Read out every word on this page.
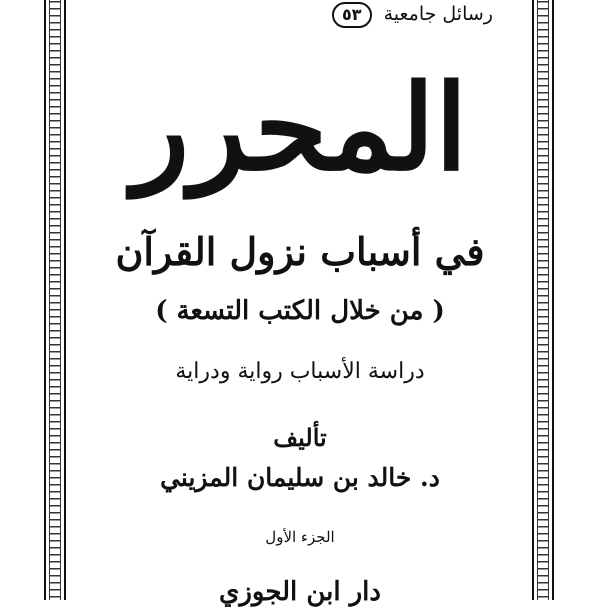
رسائل جامعية ٥٣
المحرر
في أسباب نزول القرآن
( من خلال الكتب التسعة )
دراسة الأسباب رواية ودراية
تأليف
د. خالد بن سليمان المزيني
الجزء الأول
دار ابن الجوزي
